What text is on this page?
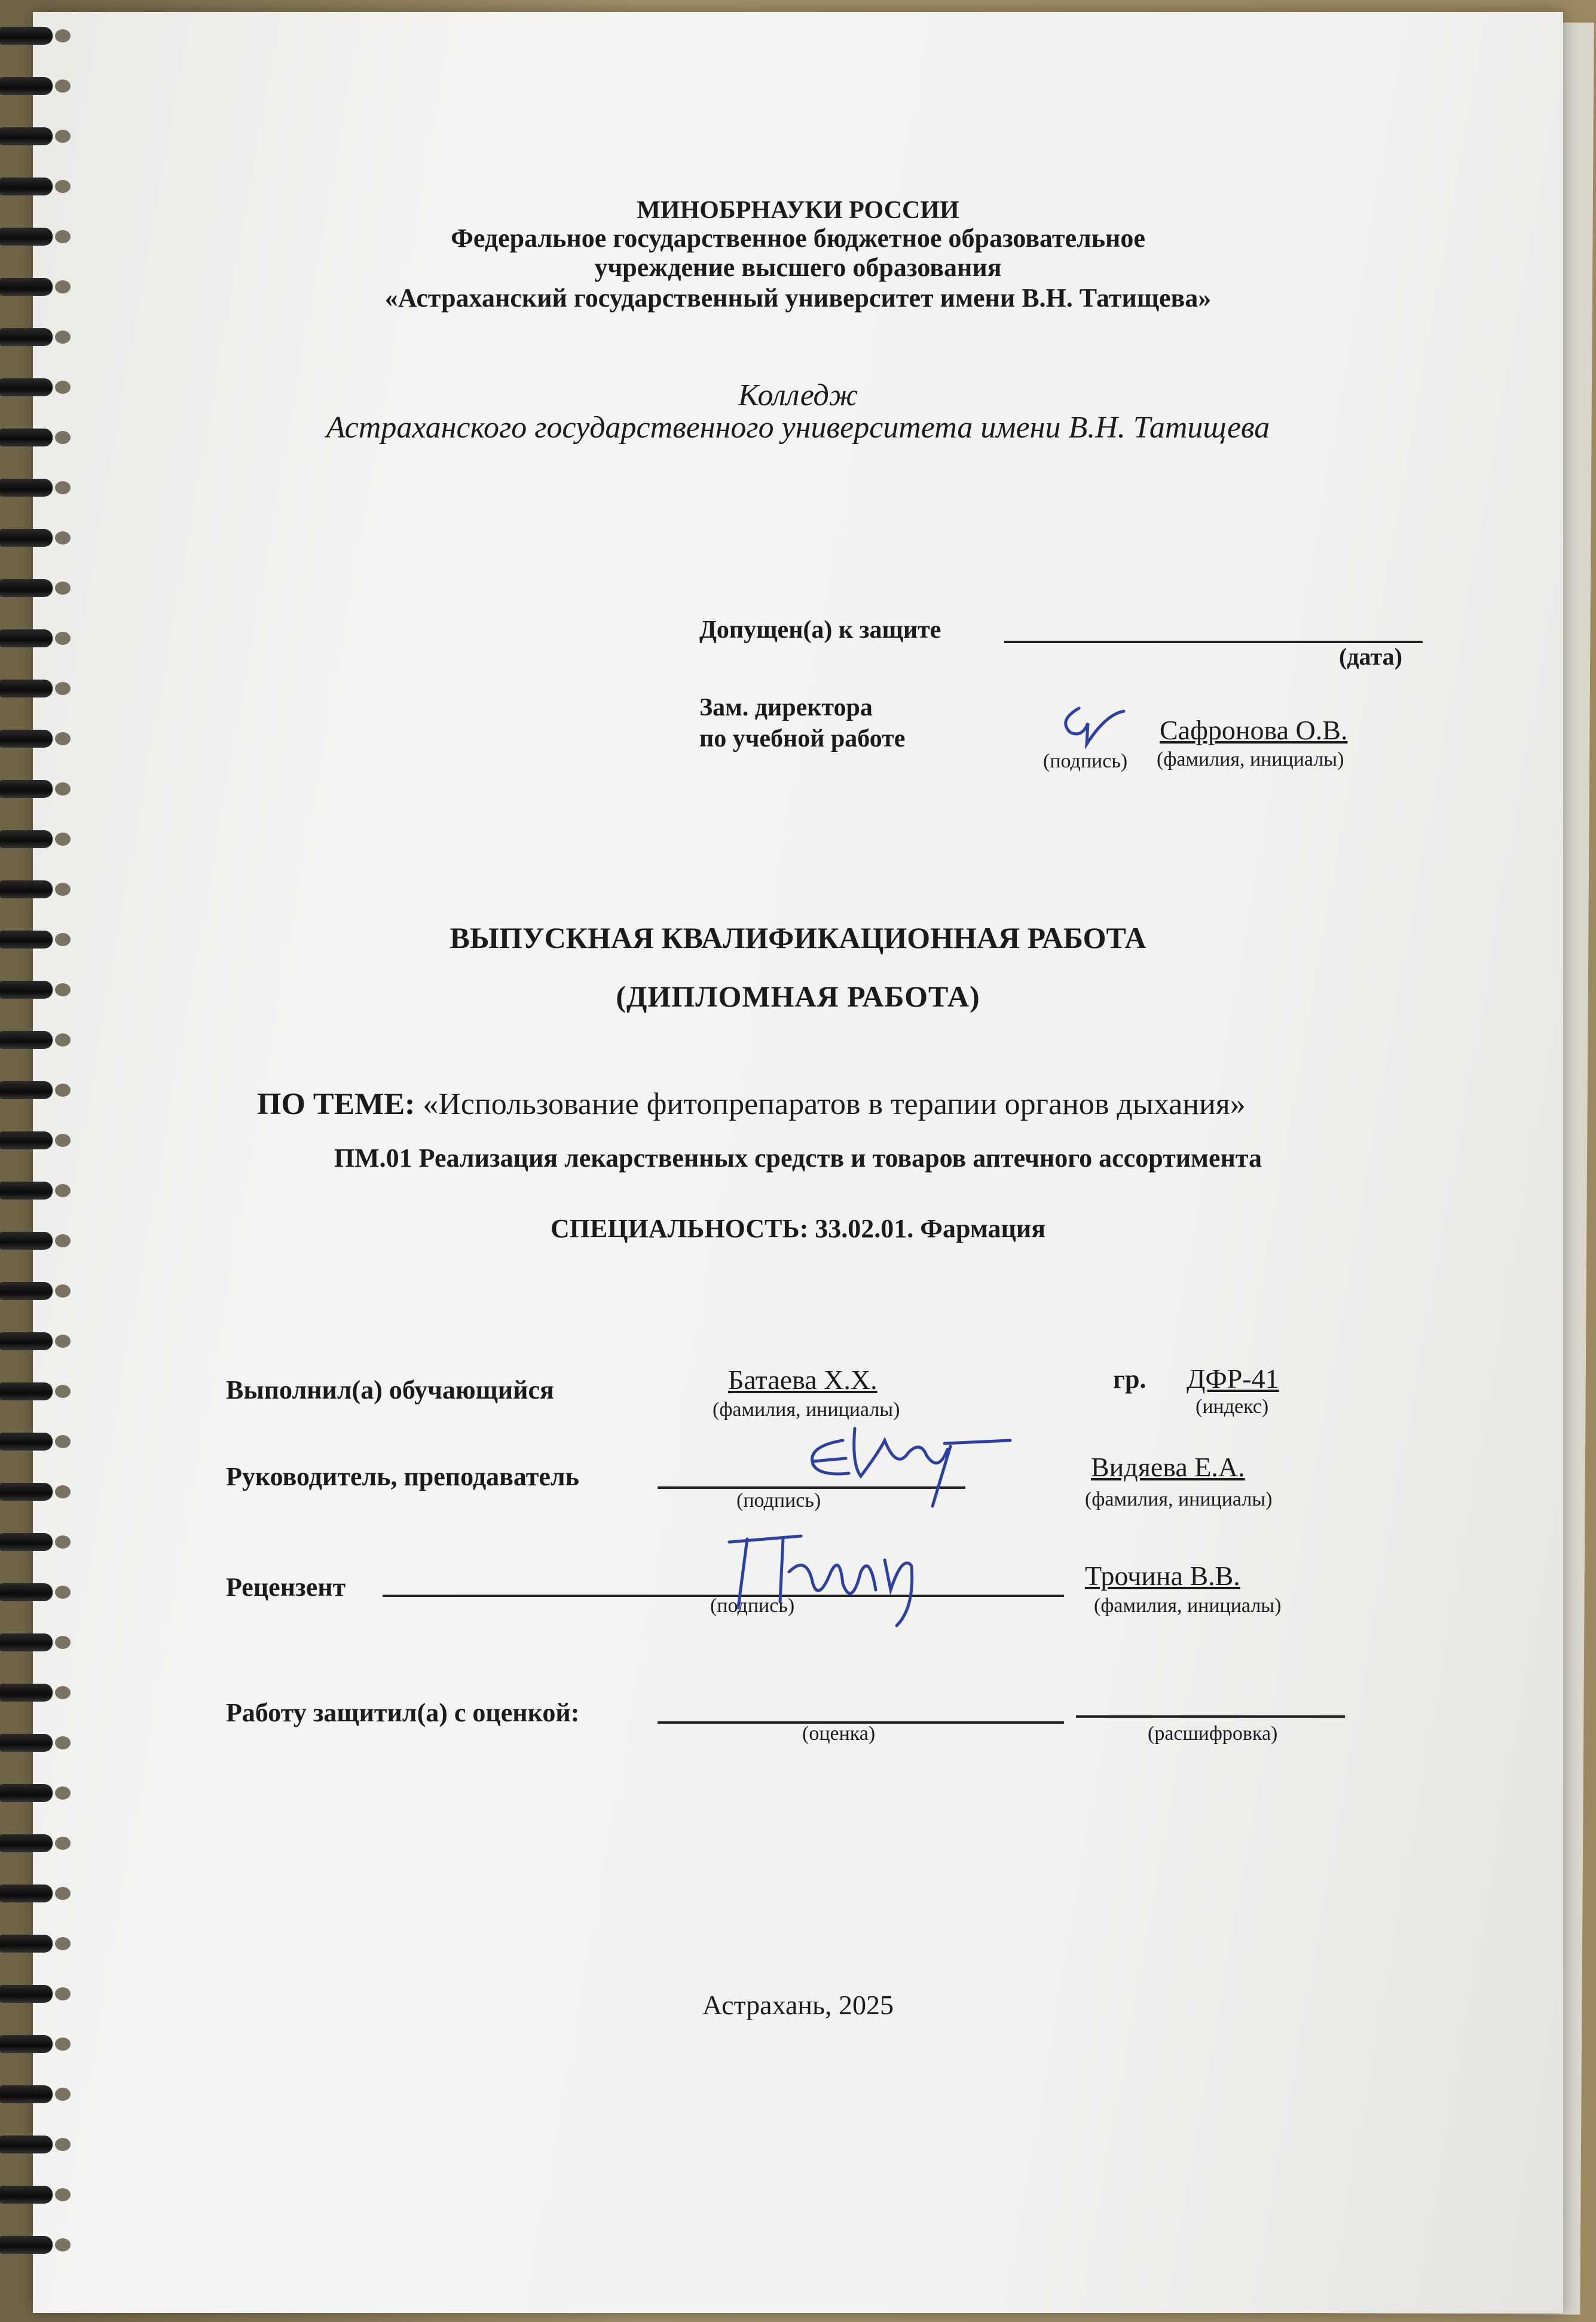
МИНОБРНАУКИ РОССИИ
Федеральное государственное бюджетное образовательное
учреждение высшего образования
«Астраханский государственный университет имени В.Н. Татищева»
Колледж
Астраханского государственного университета имени В.Н. Татищева
Допущен(а) к защите
(дата)
Зам. директора
по учебной работе
(подпись)
Сафронова О.В.
(фамилия, инициалы)
ВЫПУСКНАЯ КВАЛИФИКАЦИОННАЯ РАБОТА
(ДИПЛОМНАЯ РАБОТА)
ПО ТЕМЕ: «Использование фитопрепаратов в терапии органов дыхания»
ПМ.01 Реализация лекарственных средств и товаров аптечного ассортимента
СПЕЦИАЛЬНОСТЬ: 33.02.01. Фармация
Выполнил(а) обучающийся	Батаева Х.Х.
(фамилия, инициалы)
гр. ДФР-41
(индекс)
Руководитель, преподаватель
(подпись)
Видяева Е.А.
(фамилия, инициалы)
Рецензент
(подпись)
Трочина В.В.
(фамилия, инициалы)
Работу защитил(а) с оценкой:
(оценка)	(расшифровка)
Астрахань, 2025
